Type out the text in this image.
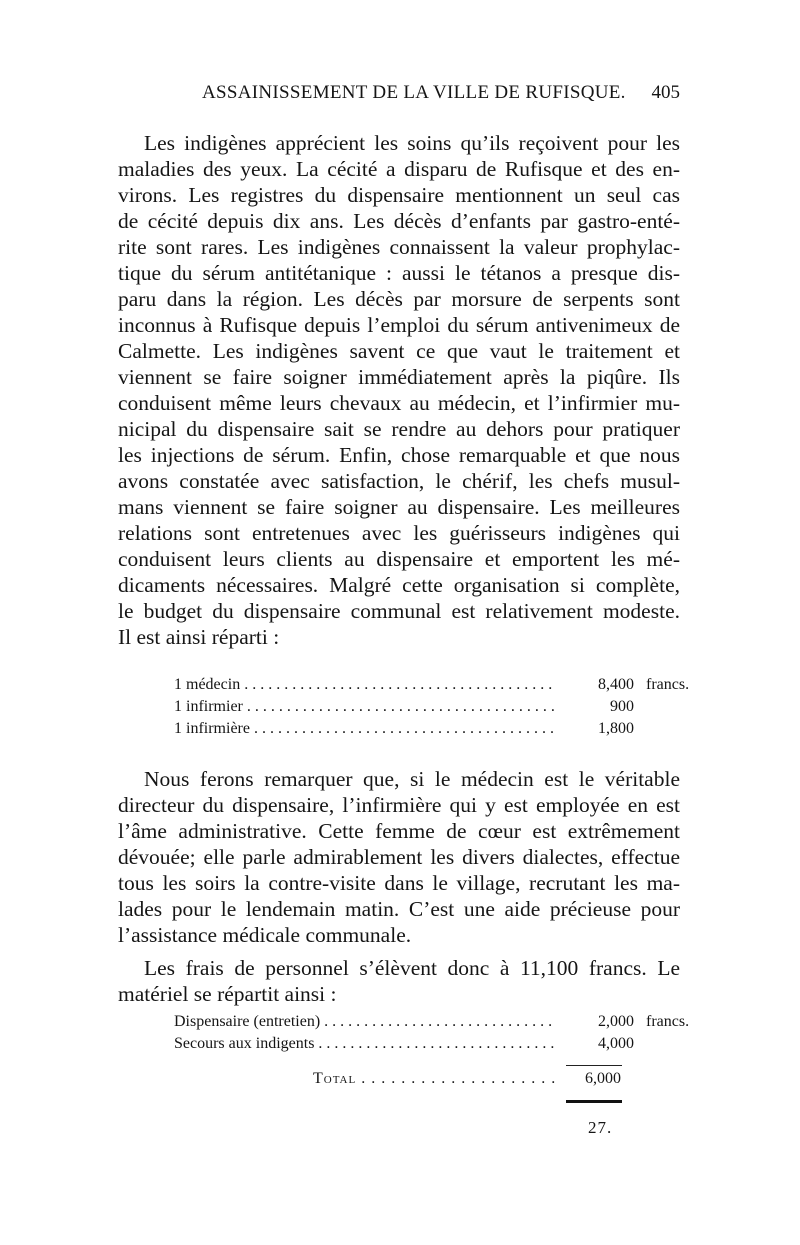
ASSAINISSEMENT DE LA VILLE DE RUFISQUE. 405

Les indigènes apprécient les soins qu’ils reçoivent pour les
maladies des yeux. La cécité a disparu de Rufisque et des en-
virons. Les registres du dispensaire mentionnent un seul cas
de cécité depuis dix ans. Les décès d’enfants par gastro-enté-
rite sont rares. Les indigènes connaissent la valeur prophylac-
tique du sérum antitétanique : aussi le tétanos a presque dis-
paru dans la région. Les décès par morsure de serpents sont
inconnus à Rufisque depuis l’emploi du sérum antivenimeux de
Calmette. Les indigènes savent ce que vaut le traitement et
viennent se faire soigner immédiatement après la piqûre. Ils
conduisent même leurs chevaux au médecin, et l’infirmier mu-
nicipal du dispensaire sait se rendre au dehors pour pratiquer
les injections de sérum. Enfin, chose remarquable et que nous
avons constatée avec satisfaction, le chérif, les chefs musul-
mans viennent se faire soigner au dispensaire. Les meilleures
relations sont entretenues avec les guérisseurs indigènes qui
conduisent leurs clients au dispensaire et emportent les mé-
dicaments nécessaires. Malgré cette organisation si complète,
le budget du dispensaire communal est relativement modeste.
Il est ainsi réparti :

1 médecin . . .	8,400 francs.
1 infirmier . . .	900
1 infirmière . . .	1,800

Nous ferons remarquer que, si le médecin est le véritable
directeur du dispensaire, l’infirmière qui y est employée en est
l’âme administrative. Cette femme de cœur est extrêmement
dévouée; elle parle admirablement les divers dialectes, effectue
tous les soirs la contre-visite dans le village, recrutant les ma-
lades pour le lendemain matin. C’est une aide précieuse pour
l’assistance médicale communale.

Les frais de personnel s’élèvent donc à 11,100 francs. Le
matériel se répartit ainsi :

Dispensaire (entretien) . . .	2,000 francs.
Secours aux indigents . . .	4,000
Total . . .	6,000
27.
